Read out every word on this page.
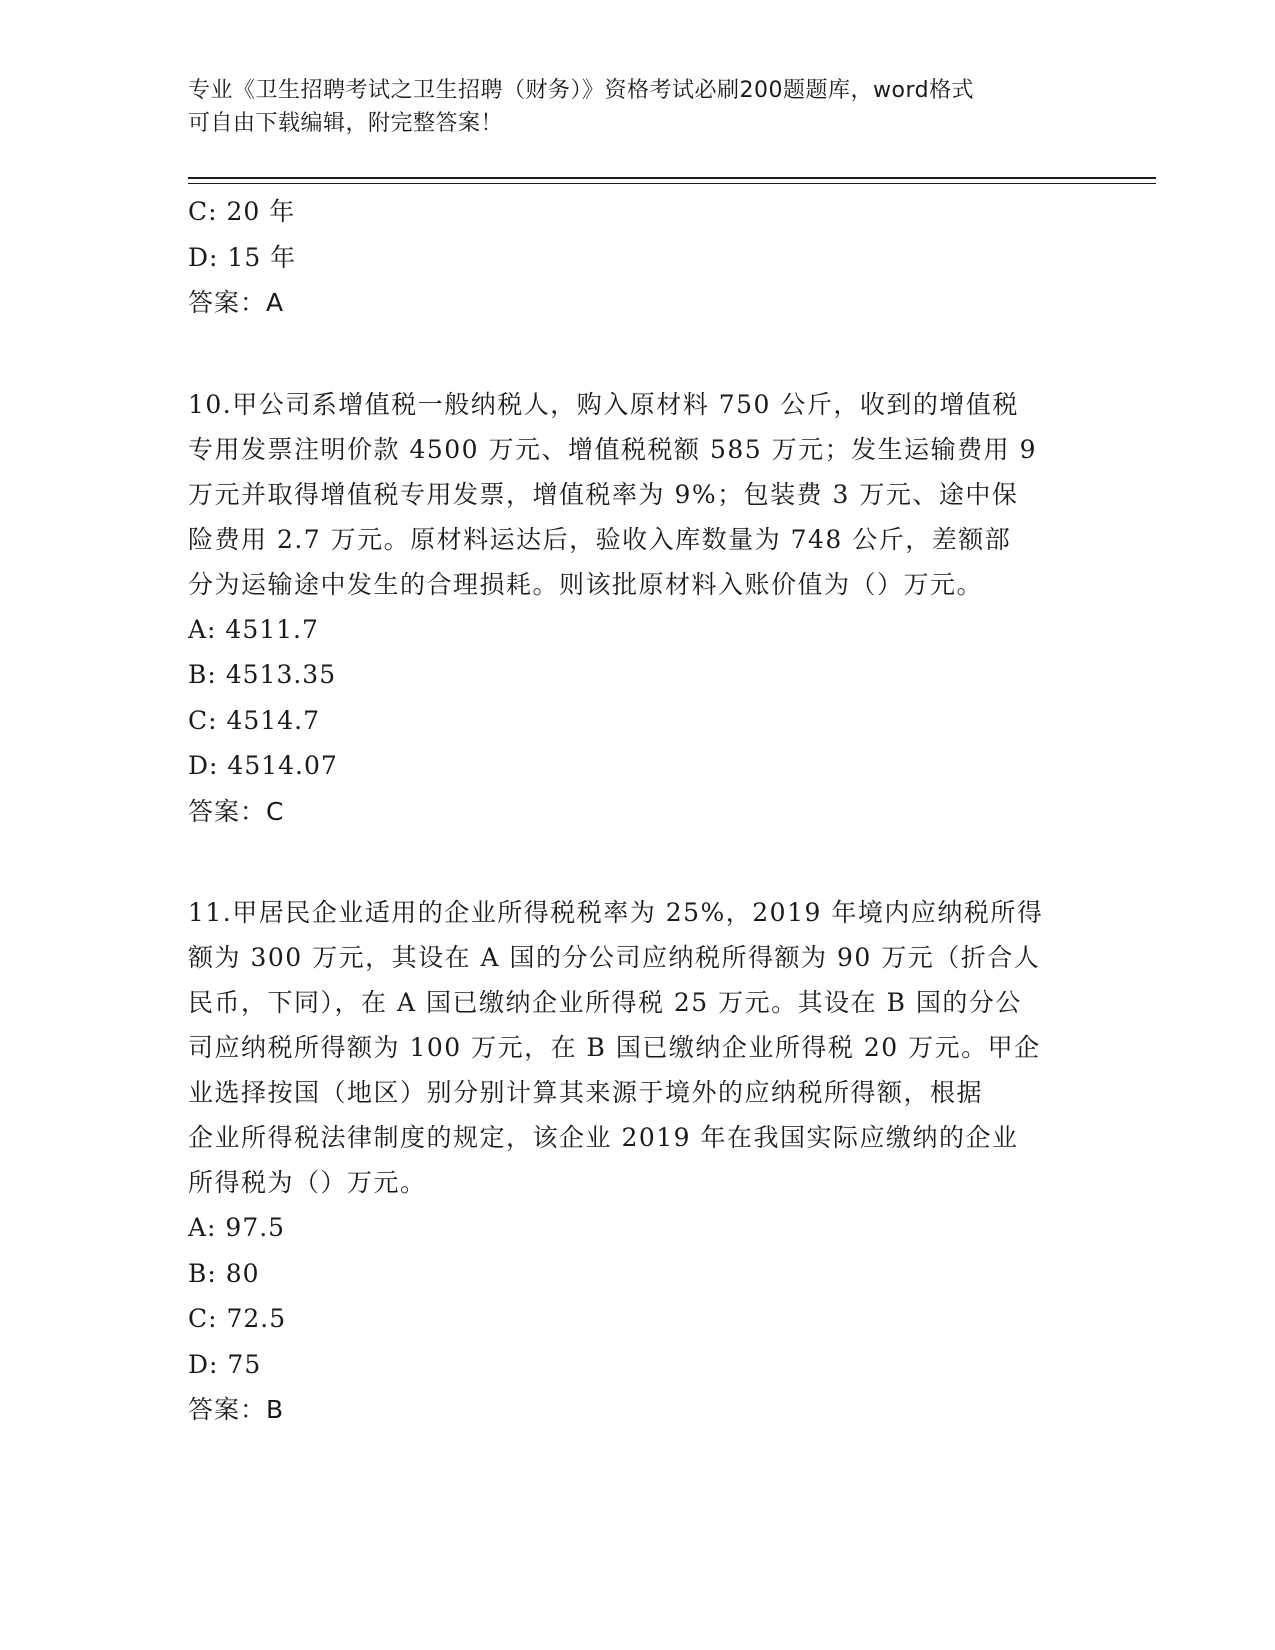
专业《卫生招聘考试之卫生招聘（财务）》资格考试必刷200题题库，word格式
可自由下载编辑，附完整答案！
C: 20 年
D: 15 年
答案：A
10.甲公司系增值税一般纳税人，购入原材料 750 公斤，收到的增值税
专用发票注明价款 4500 万元、增值税税额 585 万元；发生运输费用 9
万元并取得增值税专用发票，增值税率为 9%；包装费 3 万元、途中保
险费用 2.7 万元。原材料运达后，验收入库数量为 748 公斤，差额部
分为运输途中发生的合理损耗。则该批原材料入账价值为（）万元。
A: 4511.7
B: 4513.35
C: 4514.7
D: 4514.07
答案：C
11.甲居民企业适用的企业所得税税率为 25%，2019 年境内应纳税所得
额为 300 万元，其设在 A 国的分公司应纳税所得额为 90 万元（折合人
民币，下同），在 A 国已缴纳企业所得税 25 万元。其设在 B 国的分公
司应纳税所得额为 100 万元，在 B 国已缴纳企业所得税 20 万元。甲企
业选择按国（地区）别分别计算其来源于境外的应纳税所得额，根据
企业所得税法律制度的规定，该企业 2019 年在我国实际应缴纳的企业
所得税为（）万元。
A: 97.5
B: 80
C: 72.5
D: 75
答案：B
